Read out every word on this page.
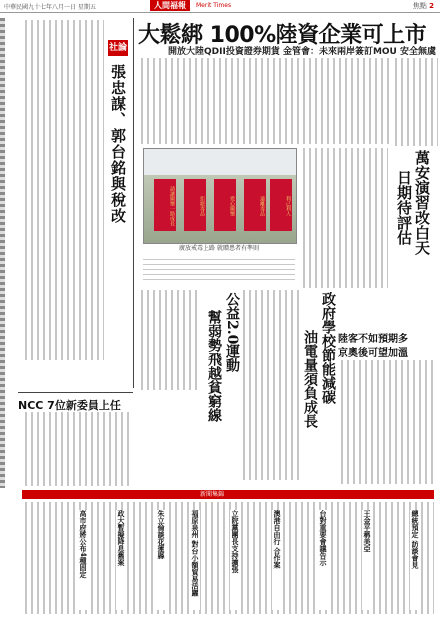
中華民國九十七年八月一日 星期五	人間福報	Merit Times	焦點 2
社論
張忠謀、郭台銘與稅改
大鬆綁 100%陸資企業可上市
開放大陸QDII投資證券期貨 金管會：未來兩岸簽訂MOU 安全無虞
萬安演習改白天
日期待評估
請讓關懷一路成長	拒絕毒品	愛心關懷	遠離毒品	利己利人
廣放戒毒上路 就贈患者有準則
公益2.0運動
幫弱勢飛越貧窮線	政府學校節能減碳
油電量須負成長 陸客不如預期多
京奧後可望加溫
NCC 7位新委員上任
新聞集錦
高市府將公布4種固定	政大暫擬降息舊案	朱立倫談花蓮縣	福原泉州 對台小額貿易活躍	立院黨團長支持擴張	澳港自由行 合作案	台對重要會議告示	王金平稱美亞	總統預定 訪談會見
